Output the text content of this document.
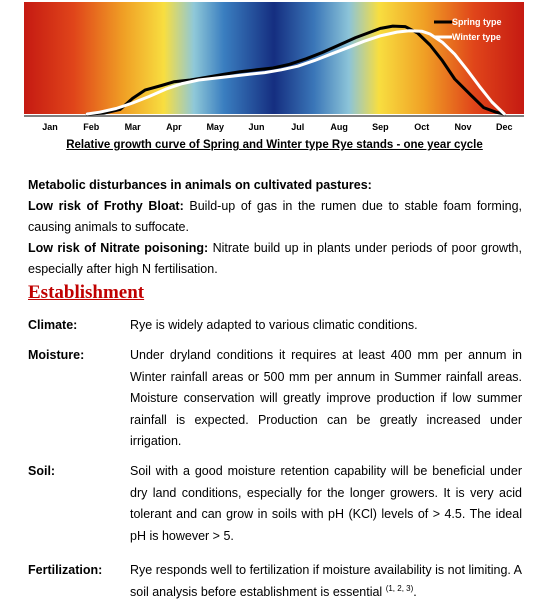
Jan	Feb	Mar	Apr	May	Jun	Jul	Aug	Sep	Oct	Nov	Dec
Spring type
Winter type
Relative growth curve of Spring and Winter type Rye stands - one year cycle

Metabolic disturbances in animals on cultivated pastures:

Low risk of Frothy Bloat: Build-up of gas in the rumen due to stable foam forming, causing animals to suffocate.

Low risk of Nitrate poisoning: Nitrate build up in plants under periods of poor growth, especially after high N fertilisation.

Establishment
Climate:	Rye is widely adapted to various climatic conditions.
Moisture:	Under dryland conditions it requires at least 400 mm per annum in Winter rainfall areas or 500 mm per annum in Summer rainfall areas. Moisture conservation will greatly improve production if low summer rainfall is expected. Production can be greatly increased under irrigation.
Soil:	Soil with a good moisture retention capability will be beneficial under dry land conditions, especially for the longer growers. It is very acid tolerant and can grow in soils with pH (KCl) levels of > 4.5. The ideal pH is however > 5.
Fertilization: Rye responds well to fertilization if moisture availability is not limiting. A soil analysis before establishment is essential $^{(1, 2, 3)}$.
